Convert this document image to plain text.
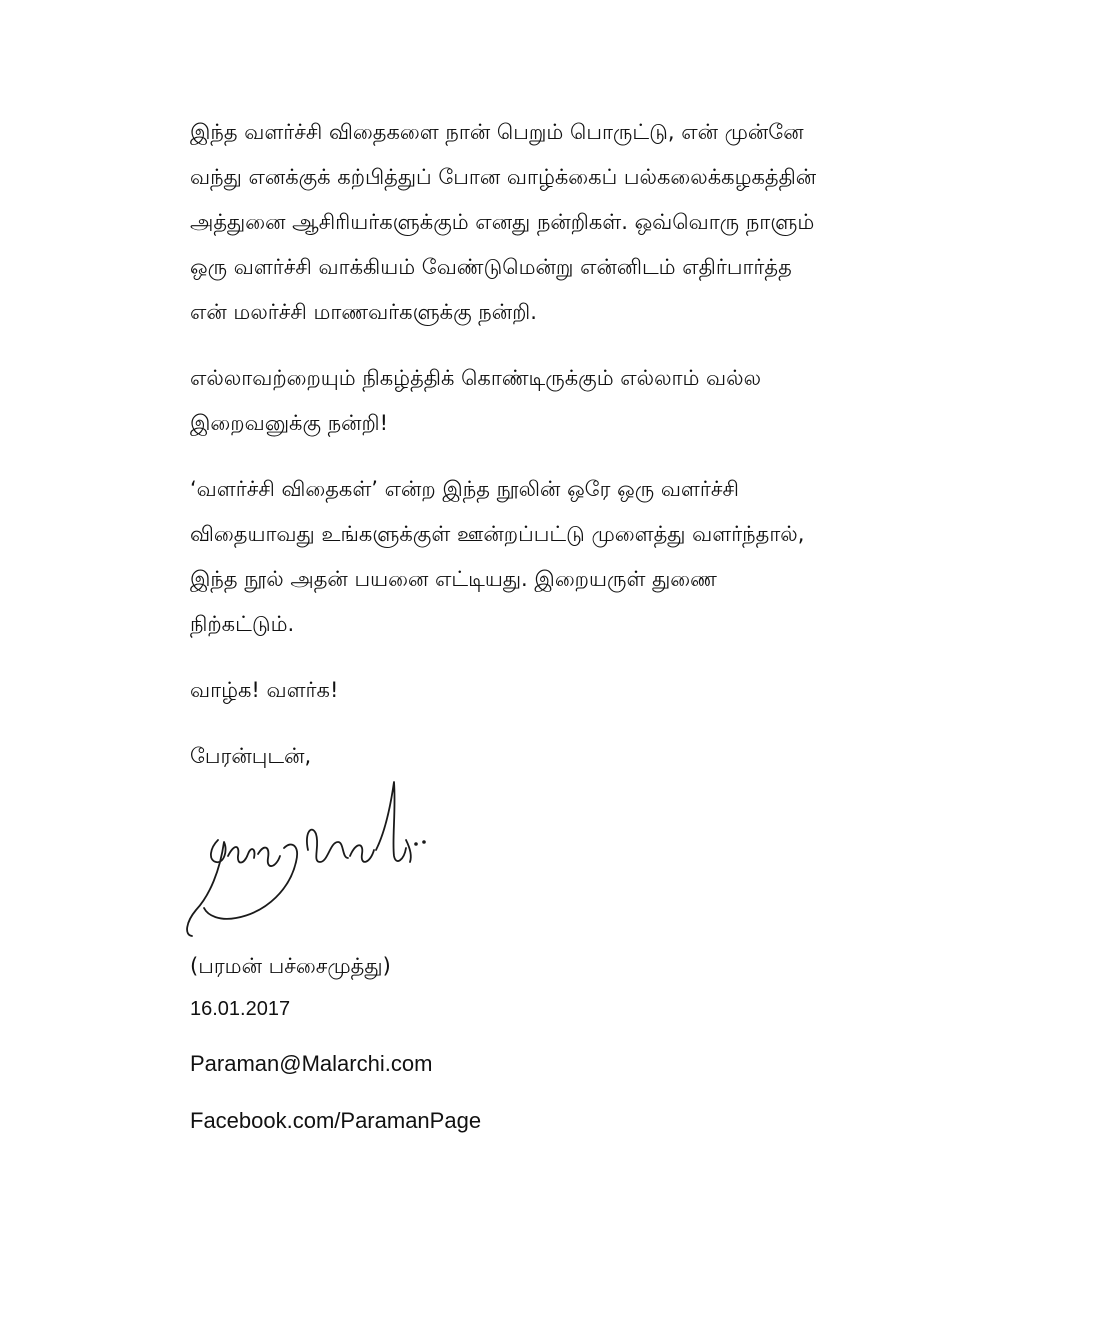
இந்த வளர்ச்சி விதைகளை நான் பெறும் பொருட்டு, என் முன்னே
வந்து எனக்குக் கற்பித்துப் போன வாழ்க்கைப் பல்கலைக்கழகத்தின்
அத்துனை ஆசிரியர்களுக்கும் எனது நன்றிகள். ஒவ்வொரு நாளும்
ஒரு வளர்ச்சி வாக்கியம் வேண்டுமென்று என்னிடம் எதிர்பார்த்த
என் மலர்ச்சி மாணவர்களுக்கு நன்றி.
எல்லாவற்றையும் நிகழ்த்திக் கொண்டிருக்கும் எல்லாம் வல்ல
இறைவனுக்கு நன்றி!
‘வளர்ச்சி விதைகள்’ என்ற இந்த நூலின் ஒரே ஒரு வளர்ச்சி
விதையாவது உங்களுக்குள் ஊன்றப்பட்டு முளைத்து வளர்ந்தால்,
இந்த நூல் அதன் பயனை எட்டியது. இறையருள் துணை
நிற்கட்டும்.
வாழ்க! வளர்க!
பேரன்புடன்,
(பரமன் பச்சைமுத்து)
16.01.2017
Paraman@Malarchi.com
Facebook.com/ParamanPage
